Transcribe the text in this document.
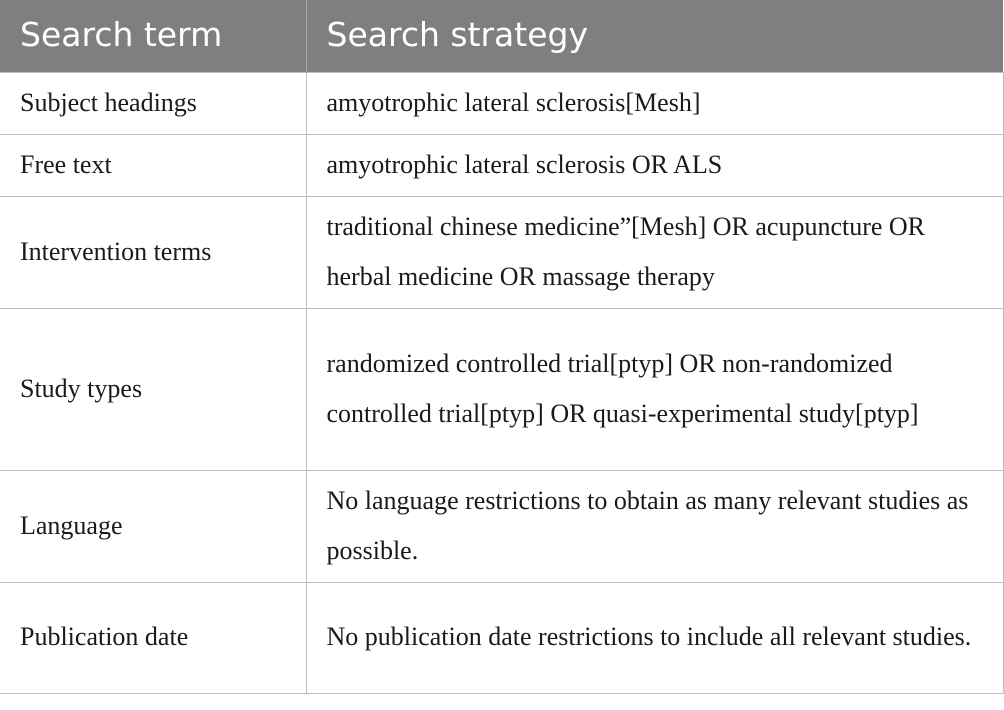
Search term	Search strategy
Subject headings	amyotrophic lateral sclerosis[Mesh]
Free text	amyotrophic lateral sclerosis OR ALS
Intervention terms	traditional chinese medicine”[Mesh] OR acupuncture OR herbal medicine OR massage therapy
Study types	randomized controlled trial[ptyp] OR non-randomized controlled trial[ptyp] OR quasi-experimental study[ptyp]
Language	No language restrictions to obtain as many relevant studies as possible.
Publication date	No publication date restrictions to include all relevant studies.
